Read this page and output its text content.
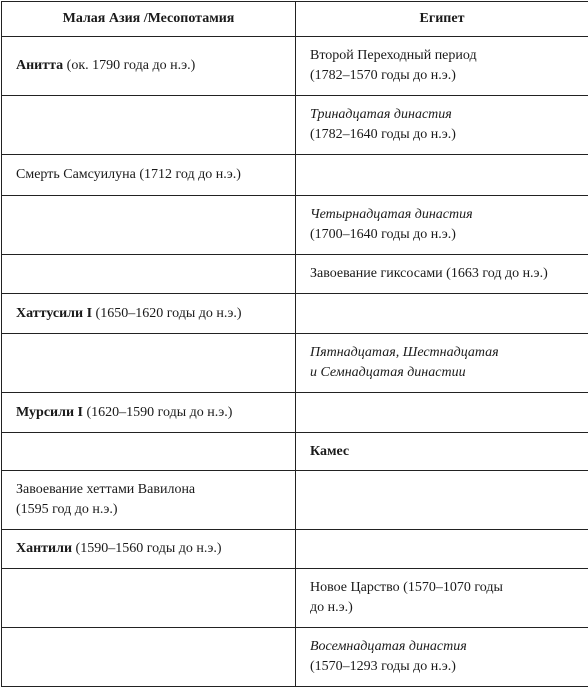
Малая Азия /Месопотамия	Египет
Анитта (ок. 1790 года до н.э.)	Второй Переходный период
(1782–1570 годы до н.э.)

	Тринадцатая династия
(1782–1640 годы до н.э.)

Смерть Самсуилуна (1712 год до н.э.)	

	Четырнадцатая династия
(1700–1640 годы до н.э.)

	Завоевание гиксосами (1663 год до н.э.)
Хаттусили I (1650–1620 годы до н.э.)	

	Пятнадцатая, Шестнадцатая
и Семнадцатая династии

Мурсили I (1620–1590 годы до н.э.)	
	Камес

Завоевание хеттами Вавилона
(1595 год до н.э.)	

Хантили (1590–1560 годы до н.э.)	

	Новое Царство (1570–1070 годы
до н.э.)

	Восемнадцатая династия
(1570–1293 годы до н.э.)
